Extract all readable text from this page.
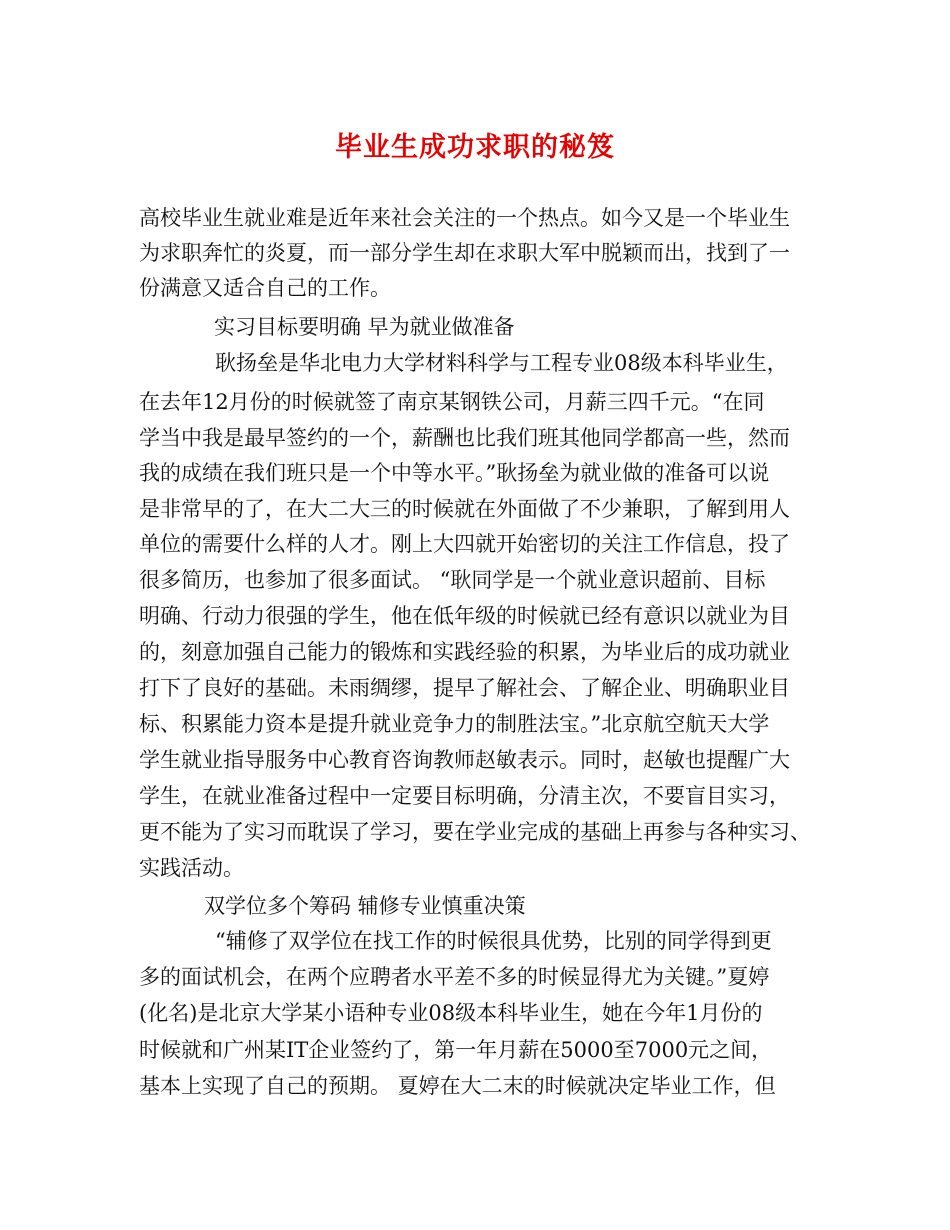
毕业生成功求职的秘笈
高校毕业生就业难是近年来社会关注的一个热点。如今又是一个毕业生
为求职奔忙的炎夏，而一部分学生却在求职大军中脱颖而出，找到了一
份满意又适合自己的工作。
实习目标要明确 早为就业做准备
耿扬垒是华北电力大学材料科学与工程专业08级本科毕业生，
在去年12月份的时候就签了南京某钢铁公司，月薪三四千元。“在同
学当中我是最早签约的一个，薪酬也比我们班其他同学都高一些，然而
我的成绩在我们班只是一个中等水平。”耿扬垒为就业做的准备可以说
是非常早的了，在大二大三的时候就在外面做了不少兼职，了解到用人
单位的需要什么样的人才。刚上大四就开始密切的关注工作信息，投了
很多简历，也参加了很多面试。 “耿同学是一个就业意识超前、目标
明确、行动力很强的学生，他在低年级的时候就已经有意识以就业为目
的，刻意加强自己能力的锻炼和实践经验的积累，为毕业后的成功就业
打下了良好的基础。未雨绸缪，提早了解社会、了解企业、明确职业目
标、积累能力资本是提升就业竞争力的制胜法宝。”北京航空航天大学
学生就业指导服务中心教育咨询教师赵敏表示。同时，赵敏也提醒广大
学生，在就业准备过程中一定要目标明确，分清主次，不要盲目实习，
更不能为了实习而耽误了学习，要在学业完成的基础上再参与各种实习、
实践活动。
双学位多个筹码 辅修专业慎重决策
“辅修了双学位在找工作的时候很具优势，比别的同学得到更
多的面试机会，在两个应聘者水平差不多的时候显得尤为关键。”夏婷
(化名)是北京大学某小语种专业08级本科毕业生，她在今年1月份的
时候就和广州某IT企业签约了，第一年月薪在5000至7000元之间，
基本上实现了自己的预期。 夏婷在大二末的时候就决定毕业工作，但
